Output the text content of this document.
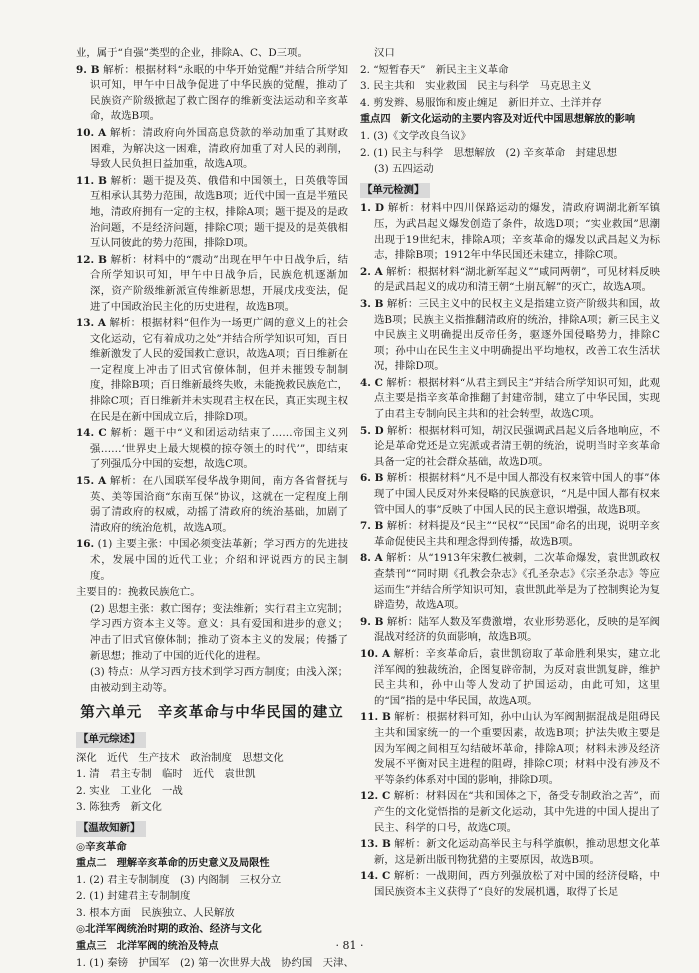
业，属于“自强”类型的企业，排除A、C、D三项。
9. B 解析：根据材料“永眠的中华开始觉醒”并结合所学知识可知，甲午中日战争促进了中华民族的觉醒，推动了民族资产阶级掀起了救亡图存的维新变法运动和辛亥革命，故选B项。
10. A 解析：清政府向外国高息贷款的举动加重了其财政困难，为解决这一困难，清政府加重了对人民的剥削，导致人民负担日益加重，故选A项。
11. B 解析：题干提及英、俄借和中国领土，日英俄等国互相承认其势力范围，故选B项；近代中国一直是半殖民地，清政府拥有一定的主权，排除A项；题干提及的是政治问题，不是经济问题，排除C项；题干提及的是英俄相互认同彼此的势力范围，排除D项。
12. B 解析：材料中的“震动”出现在甲午中日战争后，结合所学知识可知，甲午中日战争后，民族危机逐渐加深，资产阶级维新派宣传维新思想，开展戊戌变法，促进了中国政治民主化的历史进程，故选B项。
13. A 解析：根据材料“但作为一场更广阔的意义上的社会文化运动，它有着成功之处”并结合所学知识可知，百日维新激发了人民的爱国救亡意识，故选A项；百日维新在一定程度上冲击了旧式官僚体制，但并未摧毁专制制度，排除B项；百日维新最终失败，未能挽救民族危亡，排除C项；百日维新并未实现君主权在民，真正实现主权在民是在新中国成立后，排除D项。
14. C 解析：题干中“义和团运动结束了……帝国主义列强……‘世界史上最大规模的掠夺领土的时代’”，即结束了列强瓜分中国的妄想，故选C项。
15. A 解析：在八国联军侵华战争期间，南方各省督抚与英、美等国洽商“东南互保”协议，这就在一定程度上削弱了清政府的权威，动摇了清政府的统治基础，加剧了清政府的统治危机，故选A项。
16. (1) 主要主张：中国必须变法革新；学习西方的先进技术，发展中国的近代工业；介绍和评说西方的民主制度。
主要目的：挽救民族危亡。
(2) 思想主张：救亡图存；变法维新；实行君主立宪制；学习西方资本主义等。意义：具有爱国和进步的意义；冲击了旧式官僚体制；推动了资本主义的发展；传播了新思想；推动了中国的近代化的进程。
(3) 特点：从学习西方技术到学习西方制度；由浅入深；由被动到主动等。
第六单元　辛亥革命与中华民国的建立
【单元综述】
深化　近代　生产技术　政治制度　思想文化
1. 清　君主专制　临时　近代　袁世凯
2. 实业　工业化　一战
3. 陈独秀　新文化
【温故知新】
◎辛亥革命
重点二　理解辛亥革命的历史意义及局限性
1. (2) 君主专制制度　(3) 内阁制　三权分立
2. (1) 封建君主专制制度
3. 根本方面　民族独立、人民解放
◎北洋军阀统治时期的政治、经济与文化
重点三　北洋军阀的统治及特点
1. (1) 秦镑　护国军　(2) 第一次世界大战　协约国　天津、
汉口
2. “短暂春天”　新民主主义革命
3. 民主共和　实业救国　民主与科学　马克思主义
4. 剪发辫、易服饰和废止缠足　新旧并立、土洋并存
重点四　新文化运动的主要内容及对近代中国思想解放的影响
1. (3)《文学改良刍议》
2. (1) 民主与科学　思想解放　(2) 辛亥革命　封建思想
(3) 五四运动
【单元检测】
1. D 解析：材料中四川保路运动的爆发，清政府调湖北新军镇压，为武昌起义爆发创造了条件，故选D项；“实业救国”思潮出现于19世纪末，排除A项；辛亥革命的爆发以武昌起义为标志，排除B项；1912年中华民国还未建立，排除C项。
2. A 解析：根据材料“湖北新军起义”“咸同两朝”，可见材料反映的是武昌起义的成功和清王朝“土崩瓦解”的灭亡，故选A项。
3. B 解析：三民主义中的民权主义是指建立资产阶级共和国，故选B项；民族主义指推翻清政府的统治，排除A项；新三民主义中民族主义明确提出反帝任务，驱逐外国侵略势力，排除C项；孙中山在民生主义中明确提出平均地权，改善工农生活状况，排除D项。
4. C 解析：根据材料“从君主到民主”并结合所学知识可知，此观点主要是指辛亥革命推翻了封建帝制，建立了中华民国，实现了由君主专制向民主共和的社会转型，故选C项。
5. D 解析：根据材料可知，胡汉民强调武昌起义后各地响应，不论是革命党还是立宪派或者清王朝的统治，说明当时辛亥革命具备一定的社会群众基础，故选D项。
6. B 解析：根据材料“凡不是中国人都没有权来管中国人的事”体现了中国人民反对外来侵略的民族意识，“凡是中国人都有权来管中国人的事”反映了中国人民的民主意识增强，故选B项。
7. B 解析：材料提及“民主”“民权”“民国”命名的出现，说明辛亥革命促使民主共和理念得到传播，故选B项。
8. A 解析：从“1913年宋教仁被刺，二次革命爆发，袁世凯政权查禁刊”“同时期《孔教会杂志》《孔圣杂志》《宗圣杂志》等应运而生”并结合所学知识可知，袁世凯此举是为了控制舆论为复辟造势，故选A项。
9. B 解析：陆军人数及军费激增，农业形势恶化，反映的是军阀混战对经济的负面影响，故选B项。
10. A 解析：辛亥革命后，袁世凯窃取了革命胜利果实，建立北洋军阀的独裁统治，企图复辟帝制，为反对袁世凯复辟，维护民主共和，孙中山等人发动了护国运动，由此可知，这里的“国”指的是中华民国，故选A项。
11. B 解析：根据材料可知，孙中山认为军阀割据混战是阻碍民主共和国家统一的一个重要因素，故选B项；护法失败主要是因为军阀之间相互勾结破坏革命，排除A项；材料未涉及经济发展不平衡对民主进程的阻碍，排除C项；材料中没有涉及不平等条约体系对中国的影响，排除D项。
12. C 解析：材料因在“共和国体之下，备受专制政治之苦”，而产生的文化觉悟指的是新文化运动，其中先进的中国人提出了民主、科学的口号，故选C项。
13. B 解析：新文化运动高举民主与科学旗帜，推动思想文化革新，这是新出版刊物犹猎的主要原因，故选B项。
14. C 解析：一战期间，西方列强放松了对中国的经济侵略，中国民族资本主义获得了“良好的发展机遇，取得了长足
· 81 ·
